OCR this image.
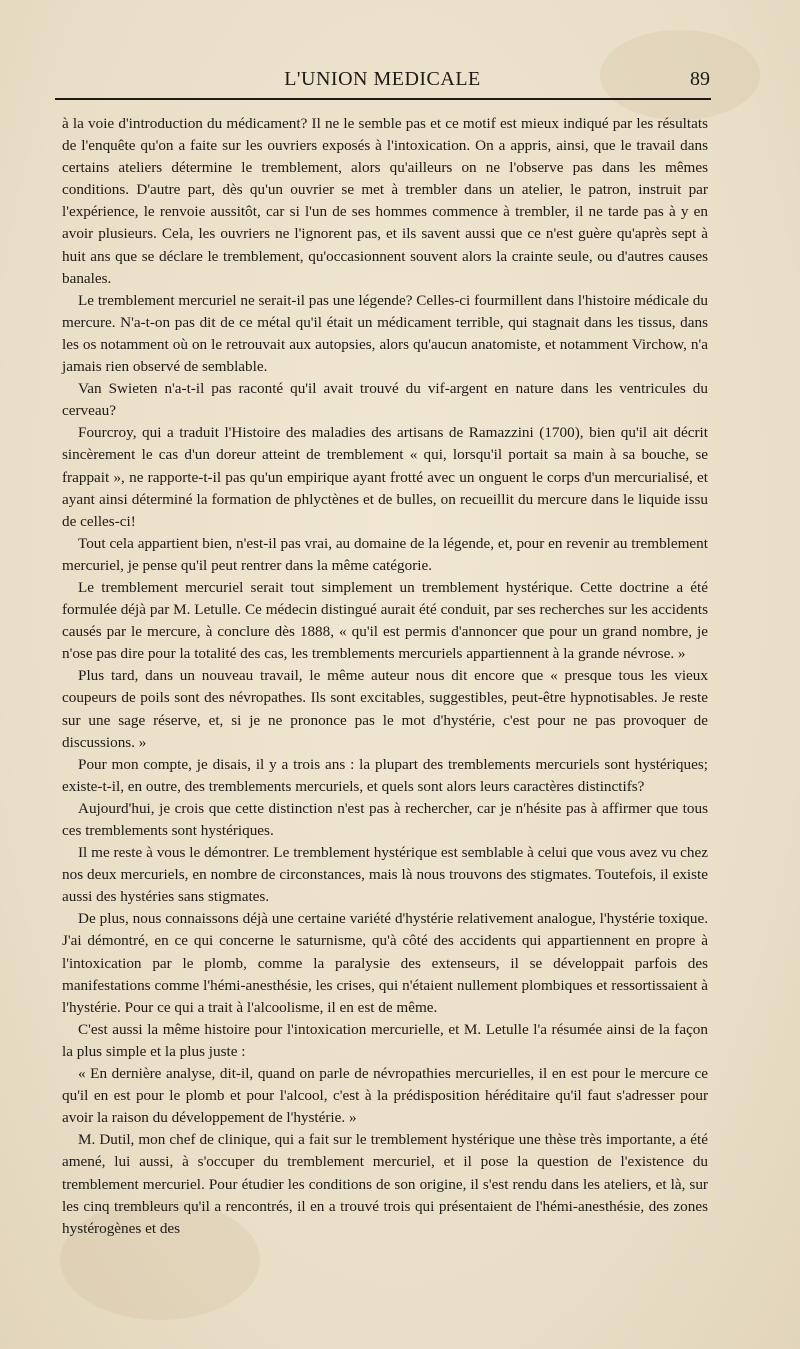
L'UNION MEDICALE	89

à la voie d'introduction du médicament? Il ne le semble pas et ce motif est mieux indiqué par les résultats de l'enquête qu'on a faite sur les ouvriers exposés à l'intoxication. On a appris, ainsi, que le travail dans certains ateliers détermine le tremblement, alors qu'ailleurs on ne l'observe pas dans les mêmes conditions. D'autre part, dès qu'un ouvrier se met à trembler dans un atelier, le patron, instruit par l'expérience, le renvoie aussitôt, car si l'un de ses hommes commence à trembler, il ne tarde pas à y en avoir plusieurs. Cela, les ouvriers ne l'ignorent pas, et ils savent aussi que ce n'est guère qu'après sept à huit ans que se déclare le tremblement, qu'occasionnent souvent alors la crainte seule, ou d'autres causes banales.

Le tremblement mercuriel ne serait-il pas une légende? Celles-ci fourmillent dans l'histoire médicale du mercure. N'a-t-on pas dit de ce métal qu'il était un médicament terrible, qui stagnait dans les tissus, dans les os notamment où on le retrouvait aux autopsies, alors qu'aucun anatomiste, et notamment Virchow, n'a jamais rien observé de semblable.

Van Swieten n'a-t-il pas raconté qu'il avait trouvé du vif-argent en nature dans les ventricules du cerveau?

Fourcroy, qui a traduit l'Histoire des maladies des artisans de Ramazzini (1700), bien qu'il ait décrit sincèrement le cas d'un doreur atteint de tremblement « qui, lorsqu'il portait sa main à sa bouche, se frappait », ne rapporte-t-il pas qu'un empirique ayant frotté avec un onguent le corps d'un mercurialisé, et ayant ainsi déterminé la formation de phlyctènes et de bulles, on recueillit du mercure dans le liquide issu de celles-ci!

Tout cela appartient bien, n'est-il pas vrai, au domaine de la légende, et, pour en revenir au tremblement mercuriel, je pense qu'il peut rentrer dans la même catégorie.

Le tremblement mercuriel serait tout simplement un tremblement hystérique. Cette doctrine a été formulée déjà par M. Letulle. Ce médecin distingué aurait été conduit, par ses recherches sur les accidents causés par le mercure, à conclure dès 1888, « qu'il est permis d'annoncer que pour un grand nombre, je n'ose pas dire pour la totalité des cas, les tremblements mercuriels appartiennent à la grande névrose. »

Plus tard, dans un nouveau travail, le même auteur nous dit encore que « presque tous les vieux coupeurs de poils sont des névropathes. Ils sont excitables, suggestibles, peut-être hypnotisables. Je reste sur une sage réserve, et, si je ne prononce pas le mot d'hystérie, c'est pour ne pas provoquer de discussions. »

Pour mon compte, je disais, il y a trois ans : la plupart des tremblements mercuriels sont hystériques; existe-t-il, en outre, des tremblements mercuriels, et quels sont alors leurs caractères distinctifs?

Aujourd'hui, je crois que cette distinction n'est pas à rechercher, car je n'hésite pas à affirmer que tous ces tremblements sont hystériques.

Il me reste à vous le démontrer. Le tremblement hystérique est semblable à celui que vous avez vu chez nos deux mercuriels, en nombre de circonstances, mais là nous trouvons des stigmates. Toutefois, il existe aussi des hystéries sans stigmates.

De plus, nous connaissons déjà une certaine variété d'hystérie relativement analogue, l'hystérie toxique. J'ai démontré, en ce qui concerne le saturnisme, qu'à côté des accidents qui appartiennent en propre à l'intoxication par le plomb, comme la paralysie des extenseurs, il se développait parfois des manifestations comme l'hémi-anesthésie, les crises, qui n'étaient nullement plombiques et ressortissaient à l'hystérie. Pour ce qui a trait à l'alcoolisme, il en est de même.

C'est aussi la même histoire pour l'intoxication mercurielle, et M. Letulle l'a résumée ainsi de la façon la plus simple et la plus juste :

« En dernière analyse, dit-il, quand on parle de névropathies mercurielles, il en est pour le mercure ce qu'il en est pour le plomb et pour l'alcool, c'est à la prédisposition héréditaire qu'il faut s'adresser pour avoir la raison du développement de l'hystérie. »

M. Dutil, mon chef de clinique, qui a fait sur le tremblement hystérique une thèse très importante, a été amené, lui aussi, à s'occuper du tremblement mercuriel, et il pose la question de l'existence du tremblement mercuriel. Pour étudier les conditions de son origine, il s'est rendu dans les ateliers, et là, sur les cinq trembleurs qu'il a rencontrés, il en a trouvé trois qui présentaient de l'hémi-anesthésie, des zones hystérogènes et des
